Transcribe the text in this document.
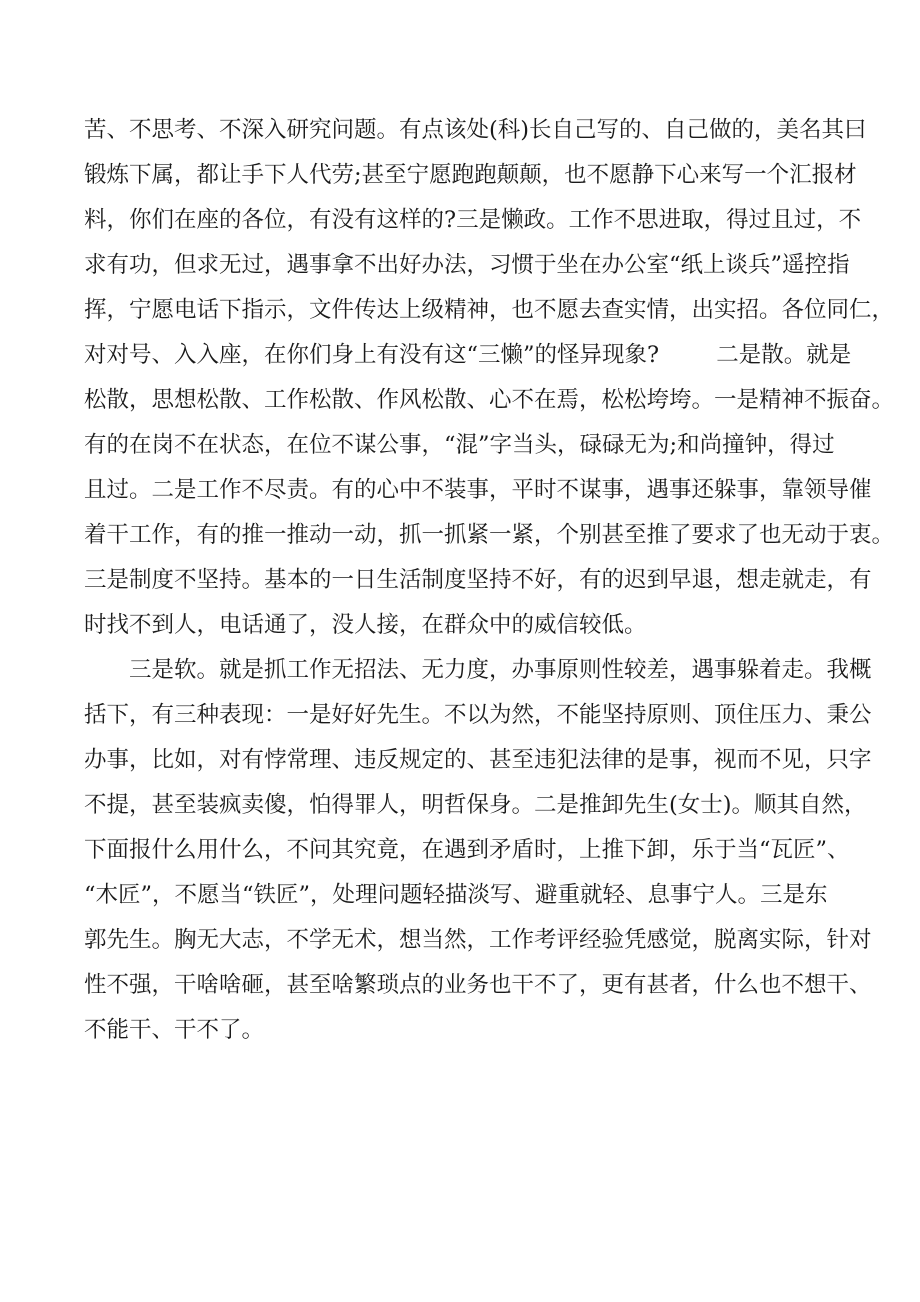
苦、不思考、不深入研究问题。有点该处(科)长自己写的、自己做的，美名其曰
锻炼下属，都让手下人代劳;甚至宁愿跑跑颠颠，也不愿静下心来写一个汇报材
料，你们在座的各位，有没有这样的?三是懒政。工作不思进取，得过且过，不
求有功，但求无过，遇事拿不出好办法，习惯于坐在办公室“纸上谈兵”遥控指
挥，宁愿电话下指示，文件传达上级精神，也不愿去查实情，出实招。各位同仁，
对对号、入入座，在你们身上有没有这“三懒”的怪异现象?        二是散。就是
松散，思想松散、工作松散、作风松散、心不在焉，松松垮垮。一是精神不振奋。
有的在岗不在状态，在位不谋公事，“混”字当头，碌碌无为;和尚撞钟，得过
且过。二是工作不尽责。有的心中不装事，平时不谋事，遇事还躲事，靠领导催
着干工作，有的推一推动一动，抓一抓紧一紧，个别甚至推了要求了也无动于衷。
三是制度不坚持。基本的一日生活制度坚持不好，有的迟到早退，想走就走，有
时找不到人，电话通了，没人接，在群众中的威信较低。
三是软。就是抓工作无招法、无力度，办事原则性较差，遇事躲着走。我概
括下，有三种表现：一是好好先生。不以为然，不能坚持原则、顶住压力、秉公
办事，比如，对有悖常理、违反规定的、甚至违犯法律的是事，视而不见，只字
不提，甚至装疯卖傻，怕得罪人，明哲保身。二是推卸先生(女士)。顺其自然，
下面报什么用什么，不问其究竟，在遇到矛盾时，上推下卸，乐于当“瓦匠”、
“木匠”，不愿当“铁匠”，处理问题轻描淡写、避重就轻、息事宁人。三是东
郭先生。胸无大志，不学无术，想当然，工作考评经验凭感觉，脱离实际，针对
性不强，干啥啥砸，甚至啥繁琐点的业务也干不了，更有甚者，什么也不想干、
不能干、干不了。
